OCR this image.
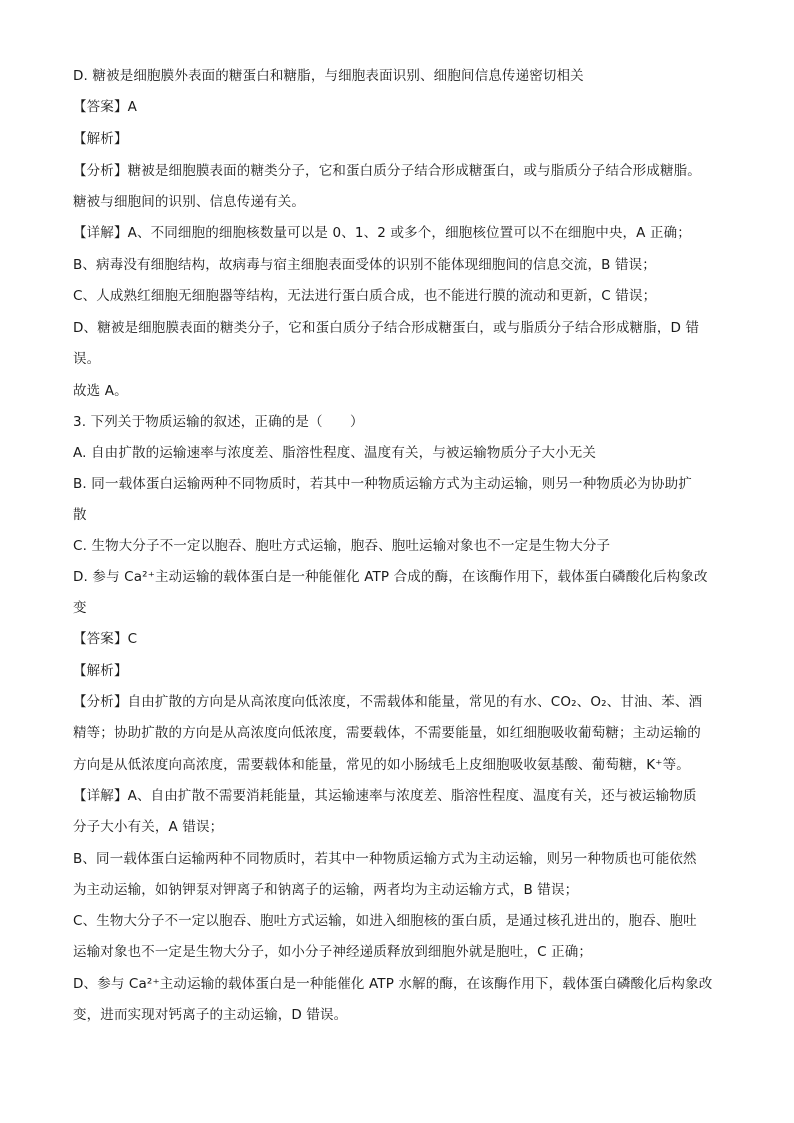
D. 糖被是细胞膜外表面的糖蛋白和糖脂，与细胞表面识别、细胞间信息传递密切相关
【答案】A
【解析】
【分析】糖被是细胞膜表面的糖类分子，它和蛋白质分子结合形成糖蛋白，或与脂质分子结合形成糖脂。
糖被与细胞间的识别、信息传递有关。
【详解】A、不同细胞的细胞核数量可以是 0、1、2 或多个，细胞核位置可以不在细胞中央，A 正确；
B、病毒没有细胞结构，故病毒与宿主细胞表面受体的识别不能体现细胞间的信息交流，B 错误；
C、人成熟红细胞无细胞器等结构，无法进行蛋白质合成，也不能进行膜的流动和更新，C 错误；
D、糖被是细胞膜表面的糖类分子，它和蛋白质分子结合形成糖蛋白，或与脂质分子结合形成糖脂，D 错
误。
故选 A。
3. 下列关于物质运输的叙述，正确的是（　　）
A. 自由扩散的运输速率与浓度差、脂溶性程度、温度有关，与被运输物质分子大小无关
B. 同一载体蛋白运输两种不同物质时，若其中一种物质运输方式为主动运输，则另一种物质必为协助扩
散
C. 生物大分子不一定以胞吞、胞吐方式运输，胞吞、胞吐运输对象也不一定是生物大分子
D. 参与 Ca²⁺主动运输的载体蛋白是一种能催化 ATP 合成的酶，在该酶作用下，载体蛋白磷酸化后构象改
变
【答案】C
【解析】
【分析】自由扩散的方向是从高浓度向低浓度，不需载体和能量，常见的有水、CO₂、O₂、甘油、苯、酒
精等；协助扩散的方向是从高浓度向低浓度，需要载体，不需要能量，如红细胞吸收葡萄糖；主动运输的
方向是从低浓度向高浓度，需要载体和能量，常见的如小肠绒毛上皮细胞吸收氨基酸、葡萄糖，K⁺等。
【详解】A、自由扩散不需要消耗能量，其运输速率与浓度差、脂溶性程度、温度有关，还与被运输物质
分子大小有关，A 错误；
B、同一载体蛋白运输两种不同物质时，若其中一种物质运输方式为主动运输，则另一种物质也可能依然
为主动运输，如钠钾泵对钾离子和钠离子的运输，两者均为主动运输方式，B 错误；
C、生物大分子不一定以胞吞、胞吐方式运输，如进入细胞核的蛋白质，是通过核孔进出的，胞吞、胞吐
运输对象也不一定是生物大分子，如小分子神经递质释放到细胞外就是胞吐，C 正确；
D、参与 Ca²⁺主动运输的载体蛋白是一种能催化 ATP 水解的酶，在该酶作用下，载体蛋白磷酸化后构象改
变，进而实现对钙离子的主动运输，D 错误。
